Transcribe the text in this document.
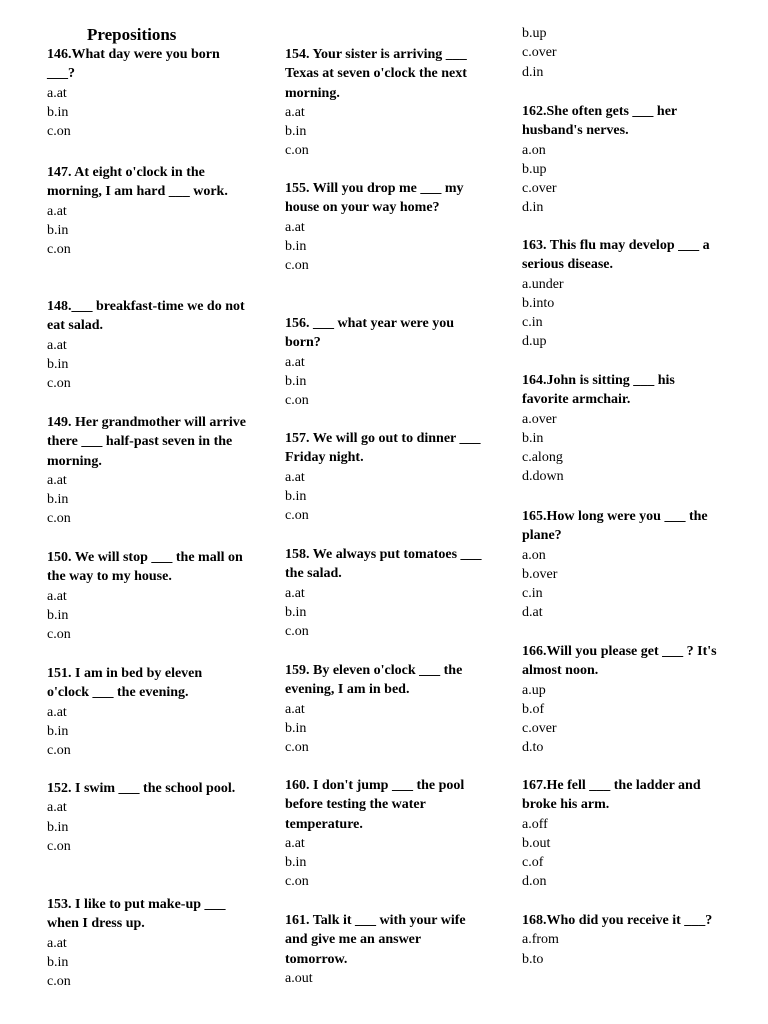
Prepositions
146.What day were you born ___?
a.at
b.in
c.on
147. At eight o'clock in the morning, I am hard ___ work.
a.at
b.in
c.on
148.___ breakfast-time we do not eat salad.
a.at
b.in
c.on
149. Her grandmother will arrive there ___ half-past seven in the morning.
a.at
b.in
c.on
150. We will stop ___ the mall on the way to my house.
a.at
b.in
c.on
151. I am in bed by eleven o'clock ___ the evening.
a.at
b.in
c.on
152. I swim ___ the school pool.
a.at
b.in
c.on
153. I like to put make-up ___ when I dress up.
a.at
b.in
c.on
154. Your sister is arriving ___ Texas at seven o'clock the next morning.
a.at
b.in
c.on
155. Will you drop me ___ my house on your way home?
a.at
b.in
c.on
156. ___ what year were you born?
a.at
b.in
c.on
157. We will go out to dinner ___ Friday night.
a.at
b.in
c.on
158. We always put tomatoes ___ the salad.
a.at
b.in
c.on
159. By eleven o'clock ___ the evening, I am in bed.
a.at
b.in
c.on
160. I don't jump ___ the pool before testing the water temperature.
a.at
b.in
c.on
161. Talk it ___ with your wife and give me an answer tomorrow.
a.out
b.up
c.over
d.in
162.She often gets ___ her husband's nerves.
a.on
b.up
c.over
d.in
163. This flu may develop ___ a serious disease.
a.under
b.into
c.in
d.up
164.John is sitting ___ his favorite armchair.
a.over
b.in
c.along
d.down
165.How long were you ___ the plane?
a.on
b.over
c.in
d.at
166.Will you please get ___ ? It's almost noon.
a.up
b.of
c.over
d.to
167.He fell ___ the ladder and broke his arm.
a.off
b.out
c.of
d.on
168.Who did you receive it ___?
a.from
b.to
